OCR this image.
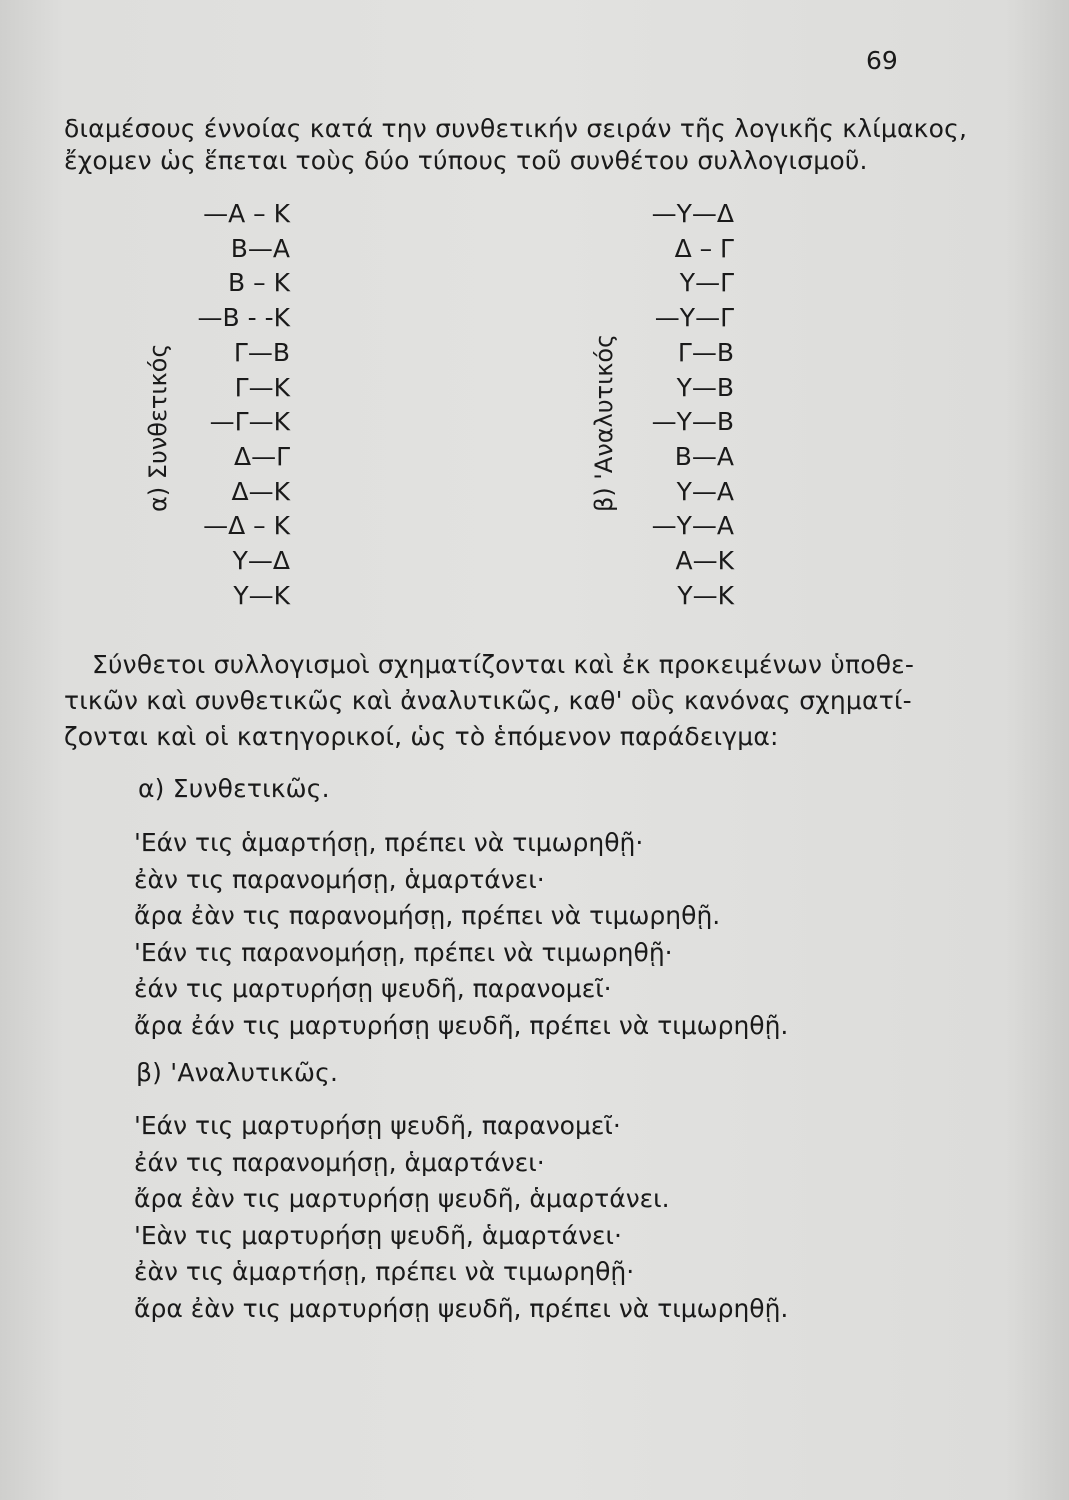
69
διαμέσους έννοίας κατά την συνθετικήν σειράν τῆς λογικῆς κλίμακος,
ἔχομεν ὡς ἕπεται τοὺς δύο τύπους τοῦ συνθέτου συλλογισμοῦ.
α) Συνθετικός
—Α – Κ
Β—Α
Β – Κ
—Β - -Κ
Γ—Β
Γ—Κ
—Γ—Κ
Δ—Γ
Δ—Κ
—Δ – Κ
Υ—Δ
Υ—Κ
β) 'Αναλυτικός
—Υ—Δ
Δ – Γ
Υ—Γ
—Υ—Γ
Γ—Β
Υ—Β
—Υ—Β
Β—Α
Υ—Α
—Υ—Α
Α—Κ
Υ—Κ
Σύνθετοι συλλογισμοὶ σχηματίζονται καὶ ἐκ προκειμένων ὑποθε-
τικῶν καὶ συνθετικῶς καὶ ἀναλυτικῶς, καθ' οὓς κανόνας σχηματί-
ζονται καὶ οἱ κατηγορικοί, ὡς τὸ ἑπόμενον παράδειγμα:
α) Συνθετικῶς.
'Εάν τις ἁμαρτήσῃ, πρέπει νὰ τιμωρηθῇ·
ἐὰν τις παρανομήσῃ, ἁμαρτάνει·
ἄρα ἐὰν τις παρανομήσῃ, πρέπει νὰ τιμωρηθῇ.
'Εάν τις παρανομήσῃ, πρέπει νὰ τιμωρηθῇ·
ἐάν τις μαρτυρήσῃ ψευδῆ, παρανομεῖ·
ἄρα ἐάν τις μαρτυρήσῃ ψευδῆ, πρέπει νὰ τιμωρηθῇ.
β) 'Αναλυτικῶς.
'Εάν τις μαρτυρήσῃ ψευδῆ, παρανομεῖ·
ἐάν τις παρανομήσῃ, ἁμαρτάνει·
ἄρα ἐὰν τις μαρτυρήσῃ ψευδῆ, ἁμαρτάνει.
'Εὰν τις μαρτυρήσῃ ψευδῆ, ἁμαρτάνει·
ἐὰν τις ἁμαρτήσῃ, πρέπει νὰ τιμωρηθῇ·
ἄρα ἐὰν τις μαρτυρήσῃ ψευδῆ, πρέπει νὰ τιμωρηθῇ.
